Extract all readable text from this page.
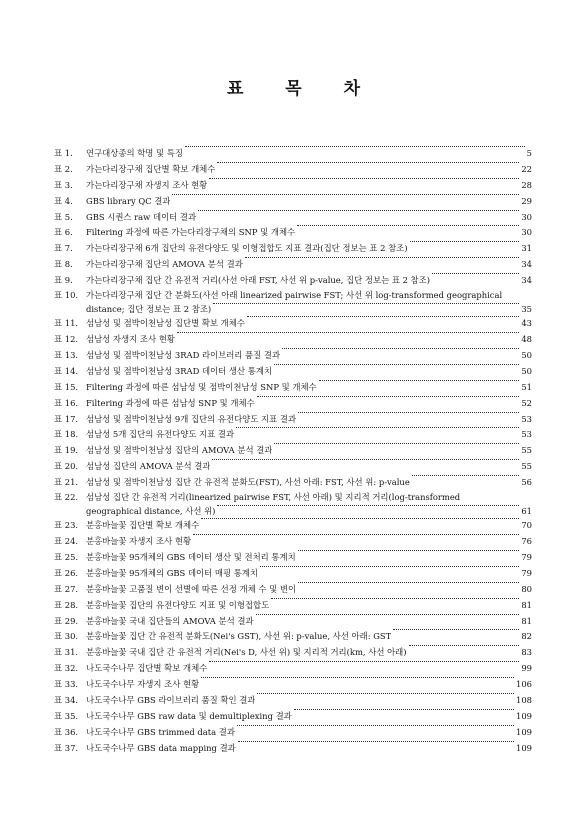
표 목 차
표 1.	연구대상종의 학명 및 특징	5
표 2.	가는다리장구채 집단별 확보 개체수	22
표 3.	가는다리장구채 자생지 조사 현황	28
표 4.	GBS library QC 결과	29
표 5.	GBS 시퀀스 raw 데이터 결과	30
표 6.	Filtering 과정에 따른 가는다리장구채의 SNP 및 개체수	30
표 7.	가는다리장구채 6개 집단의 유전다양도 및 이형접합도 지표 결과(집단 정보는 표 2 참조)	31
표 8.	가는다리장구채 집단의 AMOVA 분석 결과	34
표 9.	가는다리장구채 집단 간 유전적 거리(사선 아래 FST, 사선 위 p-value, 집단 정보는 표 2 참조)	34
표 10. 가는다리장구채 집단 간 분화도(사선 아래 linearized pairwise FST; 사선 위 log-transformed geographical
distance; 집단 정보는 표 2 참조)	35
표 11. 섬남성 및 점박이천남성 집단별 확보 개체수	43
표 12. 섬남성 자생지 조사 현황	48
표 13. 섬남성 및 점박이천남성 3RAD 라이브러리 품질 결과	50
표 14. 섬남성 및 점박이천남성 3RAD 데이터 생산 통계치	50
표 15. Filtering 과정에 따른 섬남성 및 점박이천남성 SNP 및 개체수	51
표 16. Filtering 과정에 따른 섬남성 SNP 및 개체수	52
표 17. 섬남성 및 점박이천남성 9개 집단의 유전다양도 지표 결과	53
표 18. 섬남성 5개 집단의 유전다양도 지표 결과	53
표 19. 섬남성 및 점박이천남성 집단의 AMOVA 분석 결과	55
표 20. 섬남성 집단의 AMOVA 분석 결과	55
표 21. 섬남성 및 점박이천남성 집단 간 유전적 분화도(FST), 사선 아래: FST, 사선 위: p-value	56
표 22. 섬남성 집단 간 유전적 거리(linearized pairwise FST, 사선 아래) 및 지리적 거리(log-transformed
geographical distance, 사선 위)	61
표 23. 분홍바늘꽃 집단별 확보 개체수	70
표 24. 분홍바늘꽃 자생지 조사 현황	76
표 25. 분홍바늘꽃 95개체의 GBS 데이터 생산 및 전처리 통계치	79
표 26. 분홍바늘꽃 95개체의 GBS 데이터 매핑 통계치	79
표 27. 분홍바늘꽃 고품질 변이 선별에 따른 선정 개체 수 및 변이	80
표 28. 분홍바늘꽃 집단의 유전다양도 지표 및 이형접합도	81
표 29. 분홍바늘꽃 국내 집단들의 AMOVA 분석 결과	81
표 30. 분홍바늘꽃 집단 간 유전적 분화도(Nei's GST), 사선 위: p-value, 사선 아래: GST	82
표 31. 분홍바늘꽃 국내 집단 간 유전적 거리(Nei's D, 사선 위) 및 지리적 거리(km, 사선 아래)	83
표 32. 나도국수나무 집단별 확보 개체수	99
표 33. 나도국수나무 자생지 조사 현황	106
표 34. 나도국수나무 GBS 라이브러리 품질 확인 결과	108
표 35. 나도국수나무 GBS raw data 및 demultiplexing 결과	109
표 36. 나도국수나무 GBS trimmed data 결과	109
표 37. 나도국수나무 GBS data mapping 결과	109
